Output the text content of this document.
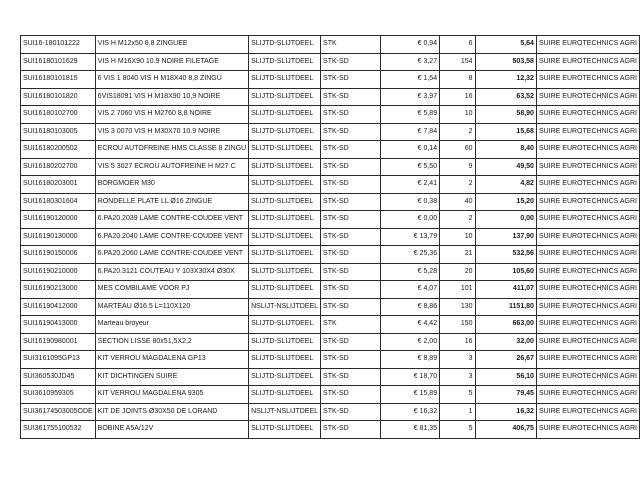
SUI16-180101222	VIS H M12x50 8.8 ZINGUEE	SLIJTD-SLIJTDEEL	STK	€ 0,94	6	5,64	SUIRE EUROTECHNICS AGRI
SUI16180101629	VIS H M16X90 10.9 NOIRE FILETAGE	SLIJTD-SLIJTDEEL	STK-SD	€ 3,27	154	503,58	SUIRE EUROTECHNICS AGRI
SUI16180101815	6 VIS 1 8040 VIS H M18X40 8,8 ZINGU	SLIJTD-SLIJTDEEL	STK-SD	€ 1,54	8	12,32	SUIRE EUROTECHNICS AGRI
SUI16180101820	6VIS18091 VIS H M18X90 10,9 NOIRE	SLIJTD-SLIJTDEEL	STK-SD	€ 3,97	16	63,52	SUIRE EUROTECHNICS AGRI
SUI16180102700	VIS 2 7060 VIS H M2760 8,8 NOIRE	SLIJTD-SLIJTDEEL	STK-SD	€ 5,89	10	58,90	SUIRE EUROTECHNICS AGRI
SUI16180103005	VIS 3 0070 VIS H M30X70 10.9 NOIRE	SLIJTD-SLIJTDEEL	STK-SD	€ 7,84	2	15,68	SUIRE EUROTECHNICS AGRI
SUI16180200502	ECROU AUTOFREINE HMS CLASSE 8 ZINGU	SLIJTD-SLIJTDEEL	STK-SD	€ 0,14	60	8,40	SUIRE EUROTECHNICS AGRI
SUI16180202700	VIS 5 3027 ECROU AUTOFREINE H M27 C	SLIJTD-SLIJTDEEL	STK-SD	€ 5,50	9	49,50	SUIRE EUROTECHNICS AGRI
SUI16180203001	BORGMOER M30	SLIJTD-SLIJTDEEL	STK-SD	€ 2,41	2	4,82	SUIRE EUROTECHNICS AGRI
SUI16180301604	RONDELLE PLATE LL Ø16 ZINGUE	SLIJTD-SLIJTDEEL	STK-SD	€ 0,38	40	15,20	SUIRE EUROTECHNICS AGRI
SUI16190120000	6.PA20.2039 LAME CONTRE-COUDEE VENT	SLIJTD-SLIJTDEEL	STK-SD	€ 0,00	2	0,00	SUIRE EUROTECHNICS AGRI
SUI16190130000	6.PA20.2040 LAME CONTRE-COUDEE VENT	SLIJTD-SLIJTDEEL	STK-SD	€ 13,79	10	137,90	SUIRE EUROTECHNICS AGRI
SUI16190150006	6.PA20.2060 LAME CONTRE-COUDEE VENT	SLIJTD-SLIJTDEEL	STK-SD	€ 25,36	21	532,56	SUIRE EUROTECHNICS AGRI
SUI16190210000	6.PA20.3121 COUTEAU Y 103X30X4 Ø30X	SLIJTD-SLIJTDEEL	STK-SD	€ 5,28	20	105,60	SUIRE EUROTECHNICS AGRI
SUI16190213000	MES COMBILAME VOOR PJ	SLIJTD-SLIJTDEEL	STK-SD	€ 4,07	101	411,07	SUIRE EUROTECHNICS AGRI
SUI16190412000	MARTEAU Ø16.5 L=110X120	NSLIJT-NSLIJTDEEL	STK-SD	€ 8,86	130	1151,80	SUIRE EUROTECHNICS AGRI
SUI16190413000	Marteau broyeur	SLIJTD-SLIJTDEEL	STK	€ 4,42	150	663,00	SUIRE EUROTECHNICS AGRI
SUI16190980001	SECTION LISSE 80x51,5X2,2	SLIJTD-SLIJTDEEL	STK-SD	€ 2,00	16	32,00	SUIRE EUROTECHNICS AGRI
SUI3161095GP13	KIT VERROU MAGDALENA GP13	SLIJTD-SLIJTDEEL	STK-SD	€ 8,89	3	26,67	SUIRE EUROTECHNICS AGRI
SUI360530JD45	KIT DICHTINGEN SUIRE	SLIJTD-SLIJTDEEL	STK-SD	€ 18,70	3	56,10	SUIRE EUROTECHNICS AGRI
SUI3610959305	KIT VERROU MAGDALENA 9305	SLIJTD-SLIJTDEEL	STK-SD	€ 15,89	5	79,45	SUIRE EUROTECHNICS AGRI
SUI36174503005ODE	KIT DE JOINTS Ø30X50 DE LORAND	NSLIJT-NSLIJTDEEL	STK-SD	€ 16,32	1	16,32	SUIRE EUROTECHNICS AGRI
SUI361755100532	BOBINE A5A/12V	SLIJTD-SLIJTDEEL	STK-SD	€ 81,35	5	406,75	SUIRE EUROTECHNICS AGRI
